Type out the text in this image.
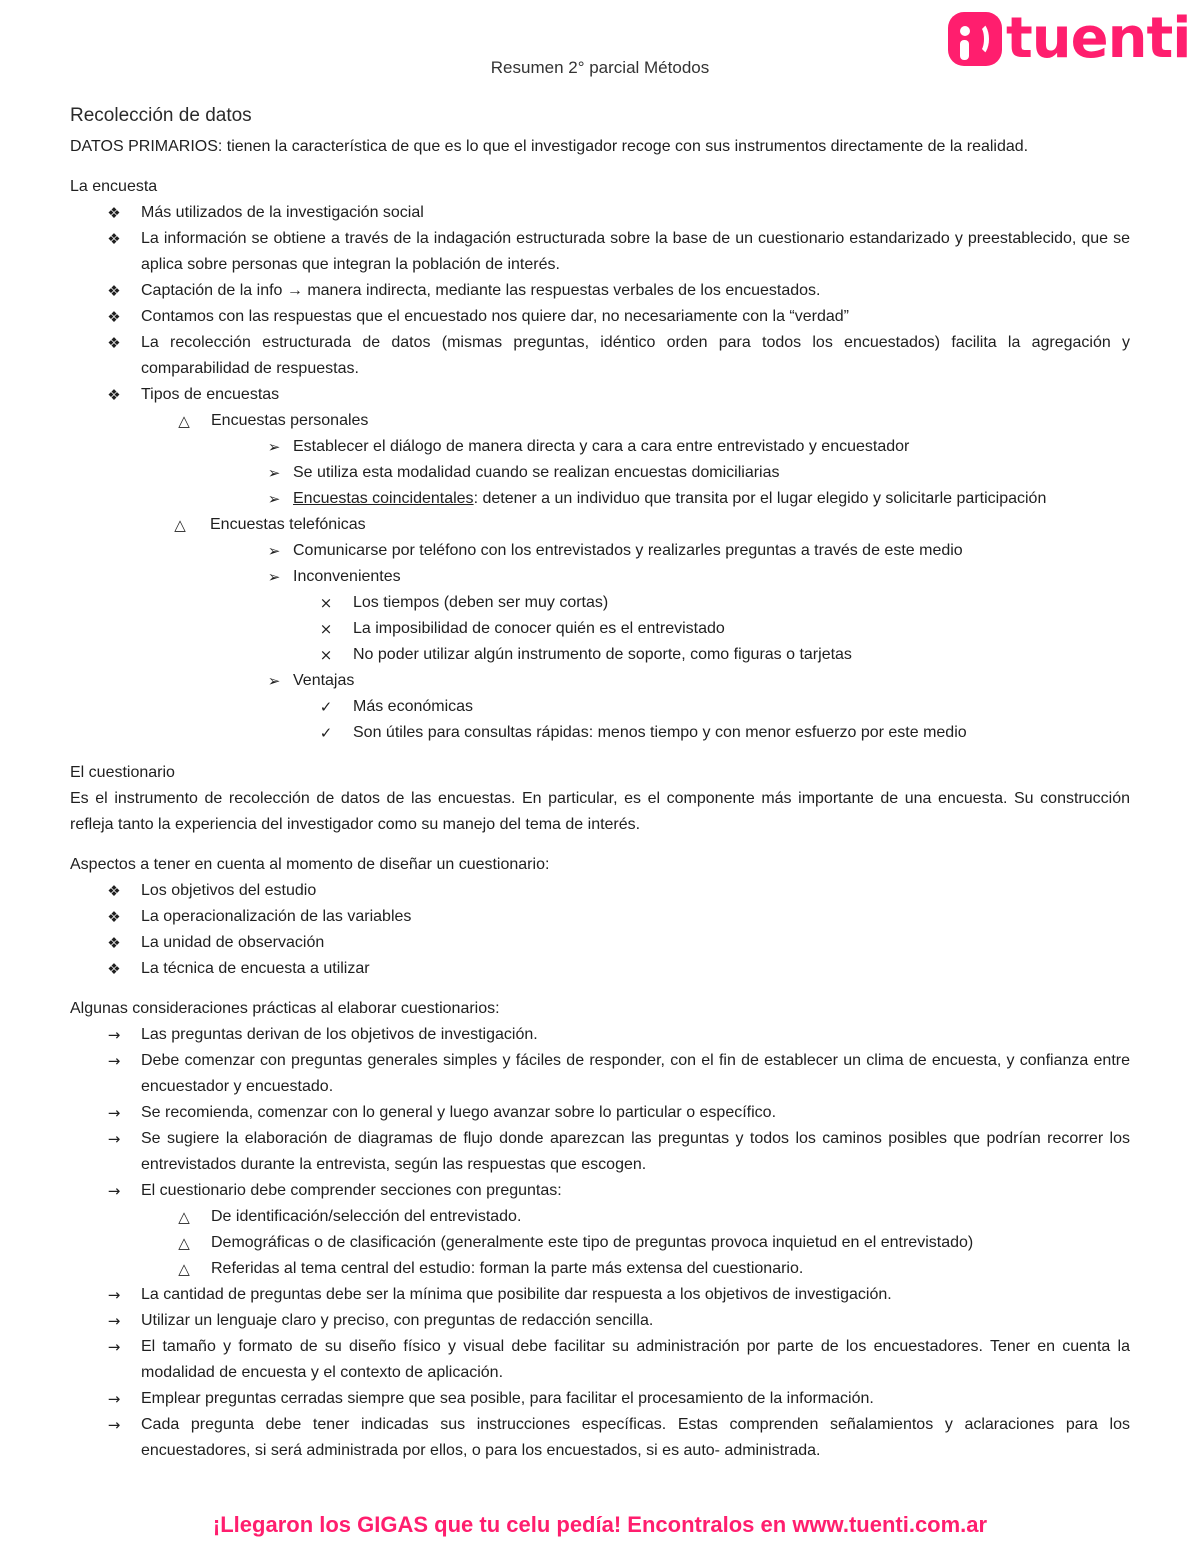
tuenti
Resumen 2° parcial Métodos
Recolección de datos

DATOS PRIMARIOS: tienen la característica de que es lo que el investigador recoge con sus instrumentos directamente de la realidad.

La encuesta

❖ Más utilizados de la investigación social
❖ La información se obtiene a través de la indagación estructurada sobre la base de un cuestionario estandarizado y preestablecido, que se aplica sobre personas que integran la población de interés.
❖ Captación de la info → manera indirecta, mediante las respuestas verbales de los encuestados.
❖ Contamos con las respuestas que el encuestado nos quiere dar, no necesariamente con la “verdad”
❖ La recolección estructurada de datos (mismas preguntas, idéntico orden para todos los encuestados) facilita la agregación y comparabilidad de respuestas.
❖ Tipos de encuestas
△ Encuestas personales
➢ Establecer el diálogo de manera directa y cara a cara entre entrevistado y encuestador
➢ Se utiliza esta modalidad cuando se realizan encuestas domiciliarias
➢ Encuestas coincidentales: detener a un individuo que transita por el lugar elegido y solicitarle participación
△ Encuestas telefónicas
➢ Comunicarse por teléfono con los entrevistados y realizarles preguntas a través de este medio
➢ Inconvenientes
× Los tiempos (deben ser muy cortas)
× La imposibilidad de conocer quién es el entrevistado
× No poder utilizar algún instrumento de soporte, como figuras o tarjetas
➢ Ventajas
✓ Más económicas
✓ Son útiles para consultas rápidas: menos tiempo y con menor esfuerzo por este medio

El cuestionario

Es el instrumento de recolección de datos de las encuestas. En particular, es el componente más importante de una encuesta. Su construcción refleja tanto la experiencia del investigador como su manejo del tema de interés.

Aspectos a tener en cuenta al momento de diseñar un cuestionario:

❖ Los objetivos del estudio
❖ La operacionalización de las variables
❖ La unidad de observación
❖ La técnica de encuesta a utilizar

Algunas consideraciones prácticas al elaborar cuestionarios:

→ Las preguntas derivan de los objetivos de investigación.
→ Debe comenzar con preguntas generales simples y fáciles de responder, con el fin de establecer un clima de encuesta, y confianza entre encuestador y encuestado.
→ Se recomienda, comenzar con lo general y luego avanzar sobre lo particular o específico.
→ Se sugiere la elaboración de diagramas de flujo donde aparezcan las preguntas y todos los caminos posibles que podrían recorrer los entrevistados durante la entrevista, según las respuestas que escogen.
→ El cuestionario debe comprender secciones con preguntas:
△ De identificación/selección del entrevistado.
△ Demográficas o de clasificación (generalmente este tipo de preguntas provoca inquietud en el entrevistado)
△ Referidas al tema central del estudio: forman la parte más extensa del cuestionario.
→ La cantidad de preguntas debe ser la mínima que posibilite dar respuesta a los objetivos de investigación.
→ Utilizar un lenguaje claro y preciso, con preguntas de redacción sencilla.
→ El tamaño y formato de su diseño físico y visual debe facilitar su administración por parte de los encuestadores. Tener en cuenta la modalidad de encuesta y el contexto de aplicación.
→ Emplear preguntas cerradas siempre que sea posible, para facilitar el procesamiento de la información.
→ Cada pregunta debe tener indicadas sus instrucciones específicas. Estas comprenden señalamientos y aclaraciones para los encuestadores, si será administrada por ellos, o para los encuestados, si es auto- administrada.
¡Llegaron los GIGAS que tu celu pedía! Encontralos en www.tuenti.com.ar
